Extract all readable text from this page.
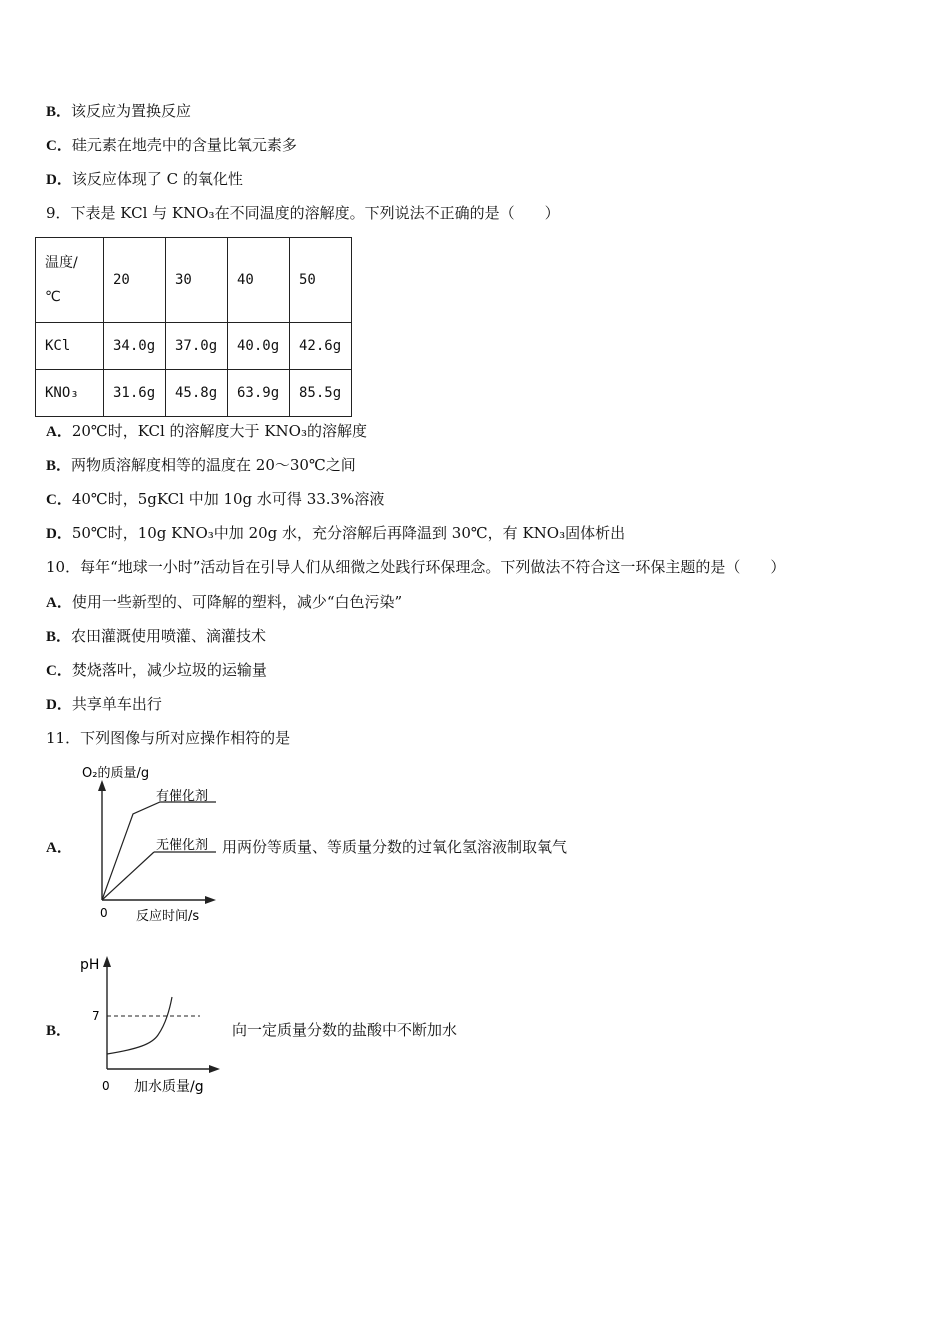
B．该反应为置换反应
C．硅元素在地壳中的含量比氧元素多
D．该反应体现了 C 的氧化性
9．下表是 KCl 与 KNO₃在不同温度的溶解度。下列说法不正确的是（　　）
温度/
℃	20	30	40	50
KCl	34.0g	37.0g	40.0g	42.6g
KNO₃	31.6g	45.8g	63.9g	85.5g
A．20℃时，KCl 的溶解度大于 KNO₃的溶解度
B．两物质溶解度相等的温度在 20～30℃之间
C．40℃时，5gKCl 中加 10g 水可得 33.3%溶液
D．50℃时，10g KNO₃中加 20g 水，充分溶解后再降温到 30℃，有 KNO₃固体析出
10．每年“地球一小时”活动旨在引导人们从细微之处践行环保理念。下列做法不符合这一环保主题的是（　　）
A．使用一些新型的、可降解的塑料，减少“白色污染”
B．农田灌溉使用喷灌、滴灌技术
C．焚烧落叶，减少垃圾的运输量
D．共享单车出行
11．下列图像与所对应操作相符的是
A．
O₂的质量/g
有催化剂
无催化剂
0 反应时间/s
用两份等质量、等质量分数的过氧化氢溶液制取氧气
B．
pH
7
0 加水质量/g
向一定质量分数的盐酸中不断加水
